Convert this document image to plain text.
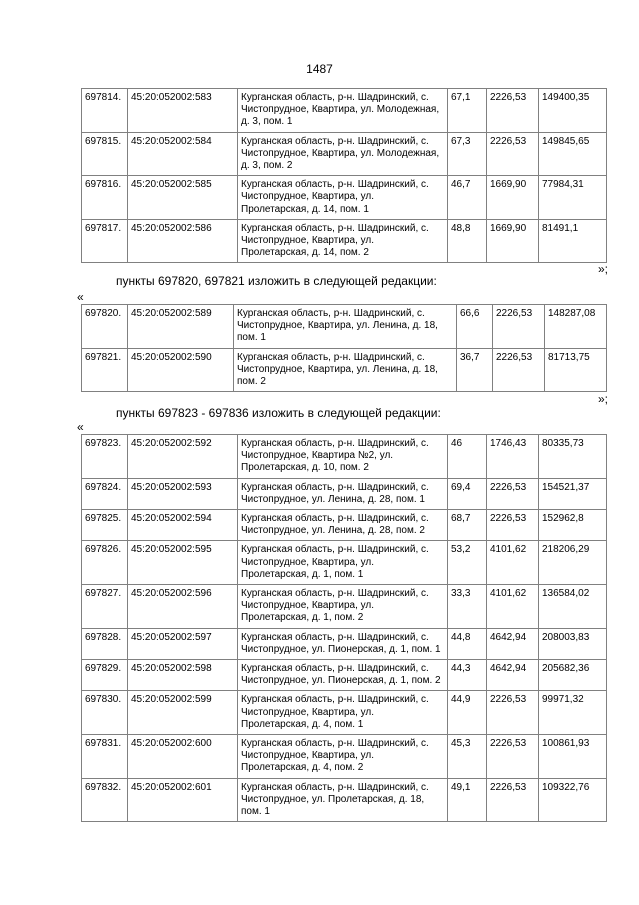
1487
697814.	45:20:052002:583	Курганская область, р-н. Шадринский, с. Чистопрудное, Квартира, ул. Молодежная, д. 3, пом. 1	67,1	2226,53	149400,35
697815.	45:20:052002:584	Курганская область, р-н. Шадринский, с. Чистопрудное, Квартира, ул. Молодежная, д. 3, пом. 2	67,3	2226,53	149845,65
697816.	45:20:052002:585	Курганская область, р-н. Шадринский, с. Чистопрудное, Квартира, ул. Пролетарская, д. 14, пом. 1	46,7	1669,90	77984,31
697817.	45:20:052002:586	Курганская область, р-н. Шадринский, с. Чистопрудное, Квартира, ул. Пролетарская, д. 14, пом. 2	48,8	1669,90	81491,1
»;
пункты 697820, 697821 изложить в следующей редакции:
«
697820.	45:20:052002:589	Курганская область, р-н. Шадринский, с. Чистопрудное, Квартира, ул. Ленина, д. 18, пом. 1	66,6	2226,53	148287,08
697821.	45:20:052002:590	Курганская область, р-н. Шадринский, с. Чистопрудное, Квартира, ул. Ленина, д. 18, пом. 2	36,7	2226,53	81713,75
»;
пункты 697823 - 697836 изложить в следующей редакции:
«
697823.	45:20:052002:592	Курганская область, р-н. Шадринский, с. Чистопрудное, Квартира №2, ул. Пролетарская, д. 10, пом. 2	46	1746,43	80335,73
697824.	45:20:052002:593	Курганская область, р-н. Шадринский, с. Чистопрудное, ул. Ленина, д. 28, пом. 1	69,4	2226,53	154521,37
697825.	45:20:052002:594	Курганская область, р-н. Шадринский, с. Чистопрудное, ул. Ленина, д. 28, пом. 2	68,7	2226,53	152962,8
697826.	45:20:052002:595	Курганская область, р-н. Шадринский, с. Чистопрудное, Квартира, ул. Пролетарская, д. 1, пом. 1	53,2	4101,62	218206,29
697827.	45:20:052002:596	Курганская область, р-н. Шадринский, с. Чистопрудное, Квартира, ул. Пролетарская, д. 1, пом. 2	33,3	4101,62	136584,02
697828.	45:20:052002:597	Курганская область, р-н. Шадринский, с. Чистопрудное, ул. Пионерская, д. 1, пом. 1	44,8	4642,94	208003,83
697829.	45:20:052002:598	Курганская область, р-н. Шадринский, с. Чистопрудное, ул. Пионерская, д. 1, пом. 2	44,3	4642,94	205682,36
697830.	45:20:052002:599	Курганская область, р-н. Шадринский, с. Чистопрудное, Квартира, ул. Пролетарская, д. 4, пом. 1	44,9	2226,53	99971,32
697831.	45:20:052002:600	Курганская область, р-н. Шадринский, с. Чистопрудное, Квартира, ул. Пролетарская, д. 4, пом. 2	45,3	2226,53	100861,93
697832.	45:20:052002:601	Курганская область, р-н. Шадринский, с. Чистопрудное, ул. Пролетарская, д. 18, пом. 1	49,1	2226,53	109322,76
